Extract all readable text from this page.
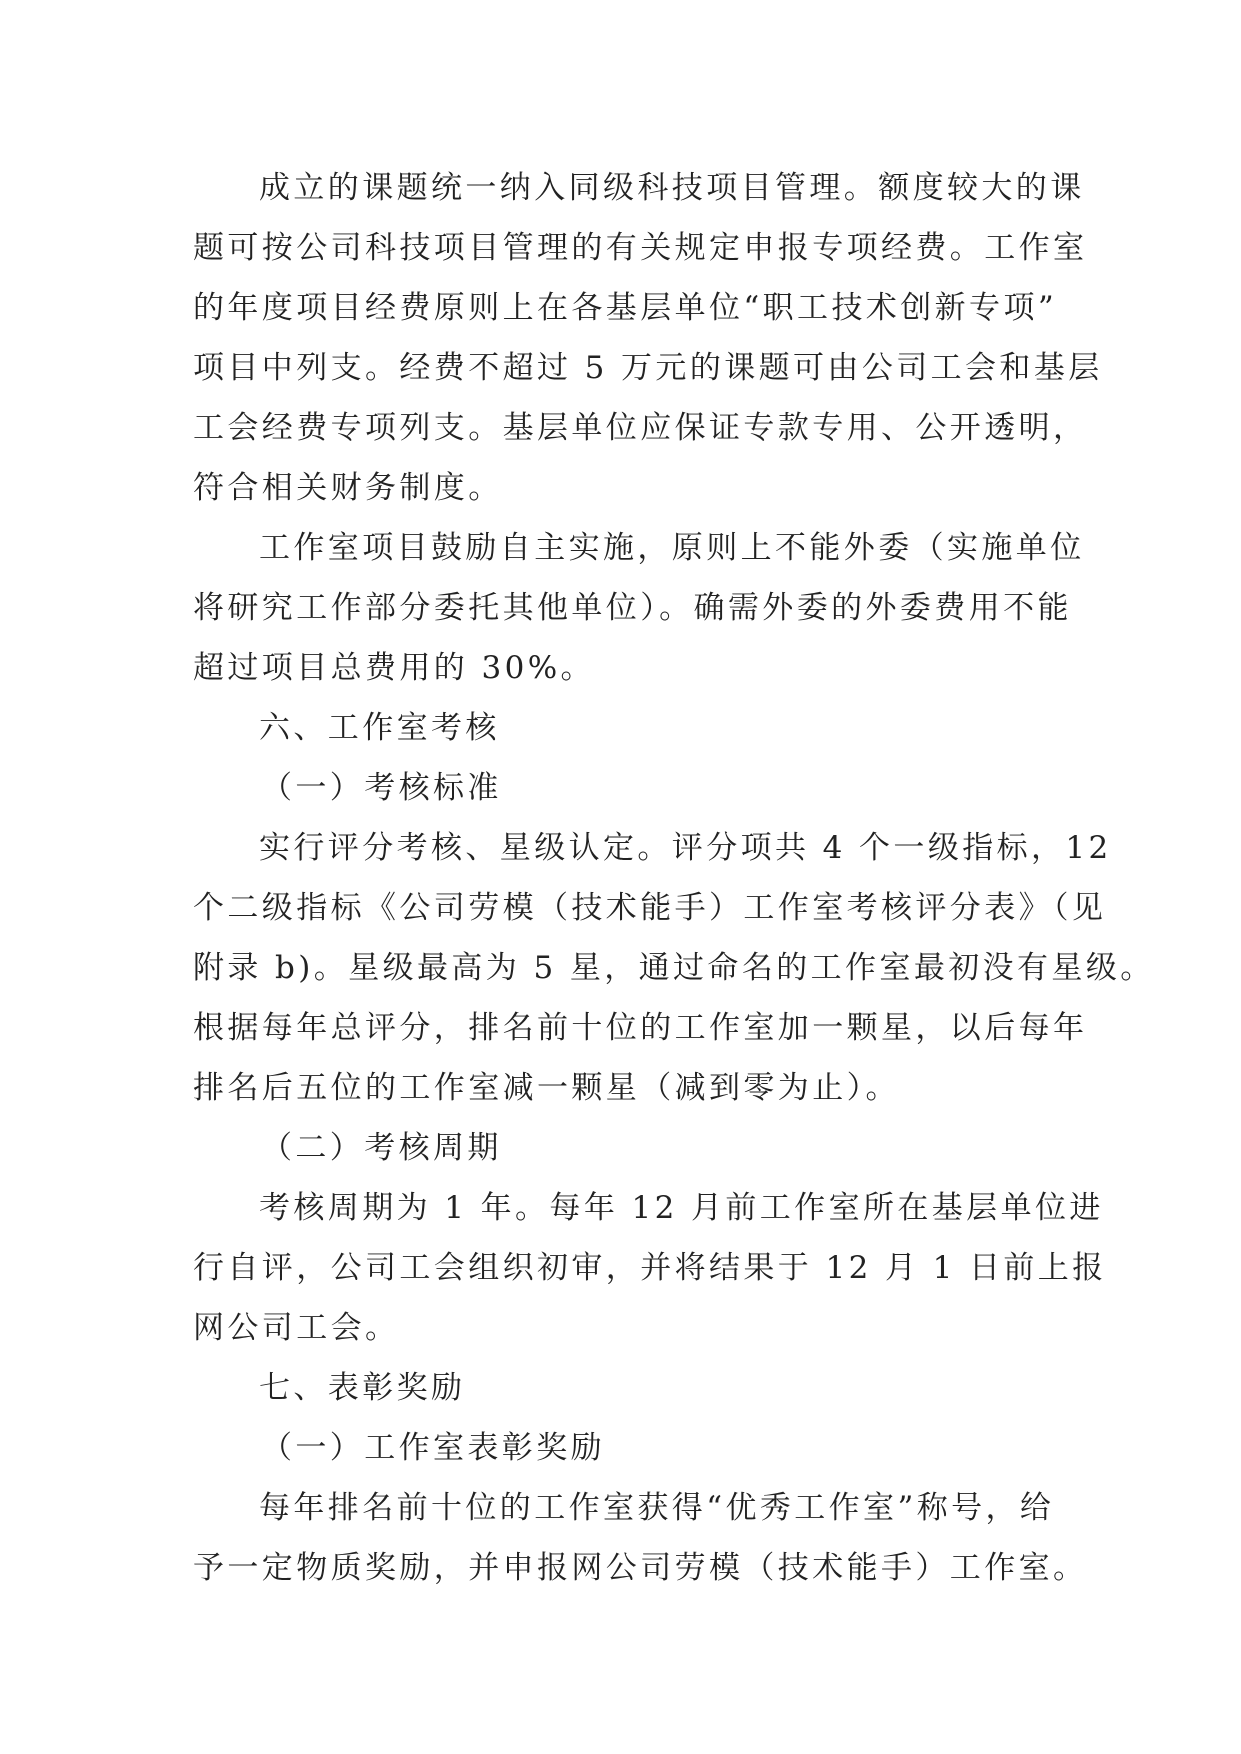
成立的课题统一纳入同级科技项目管理。额度较大的课
题可按公司科技项目管理的有关规定申报专项经费。工作室
的年度项目经费原则上在各基层单位“职工技术创新专项”
项目中列支。经费不超过 5 万元的课题可由公司工会和基层
工会经费专项列支。基层单位应保证专款专用、公开透明，
符合相关财务制度。
工作室项目鼓励自主实施，原则上不能外委（实施单位
将研究工作部分委托其他单位）。确需外委的外委费用不能
超过项目总费用的 30%。
六、工作室考核
（一）考核标准
实行评分考核、星级认定。评分项共 4 个一级指标，12
个二级指标《公司劳模（技术能手）工作室考核评分表》（见
附录 b)。星级最高为 5 星，通过命名的工作室最初没有星级。
根据每年总评分，排名前十位的工作室加一颗星，以后每年
排名后五位的工作室减一颗星（减到零为止）。
（二）考核周期
考核周期为 1 年。每年 12 月前工作室所在基层单位进
行自评，公司工会组织初审，并将结果于 12 月 1 日前上报
网公司工会。
七、表彰奖励
（一）工作室表彰奖励
每年排名前十位的工作室获得“优秀工作室”称号，给
予一定物质奖励，并申报网公司劳模（技术能手）工作室。
